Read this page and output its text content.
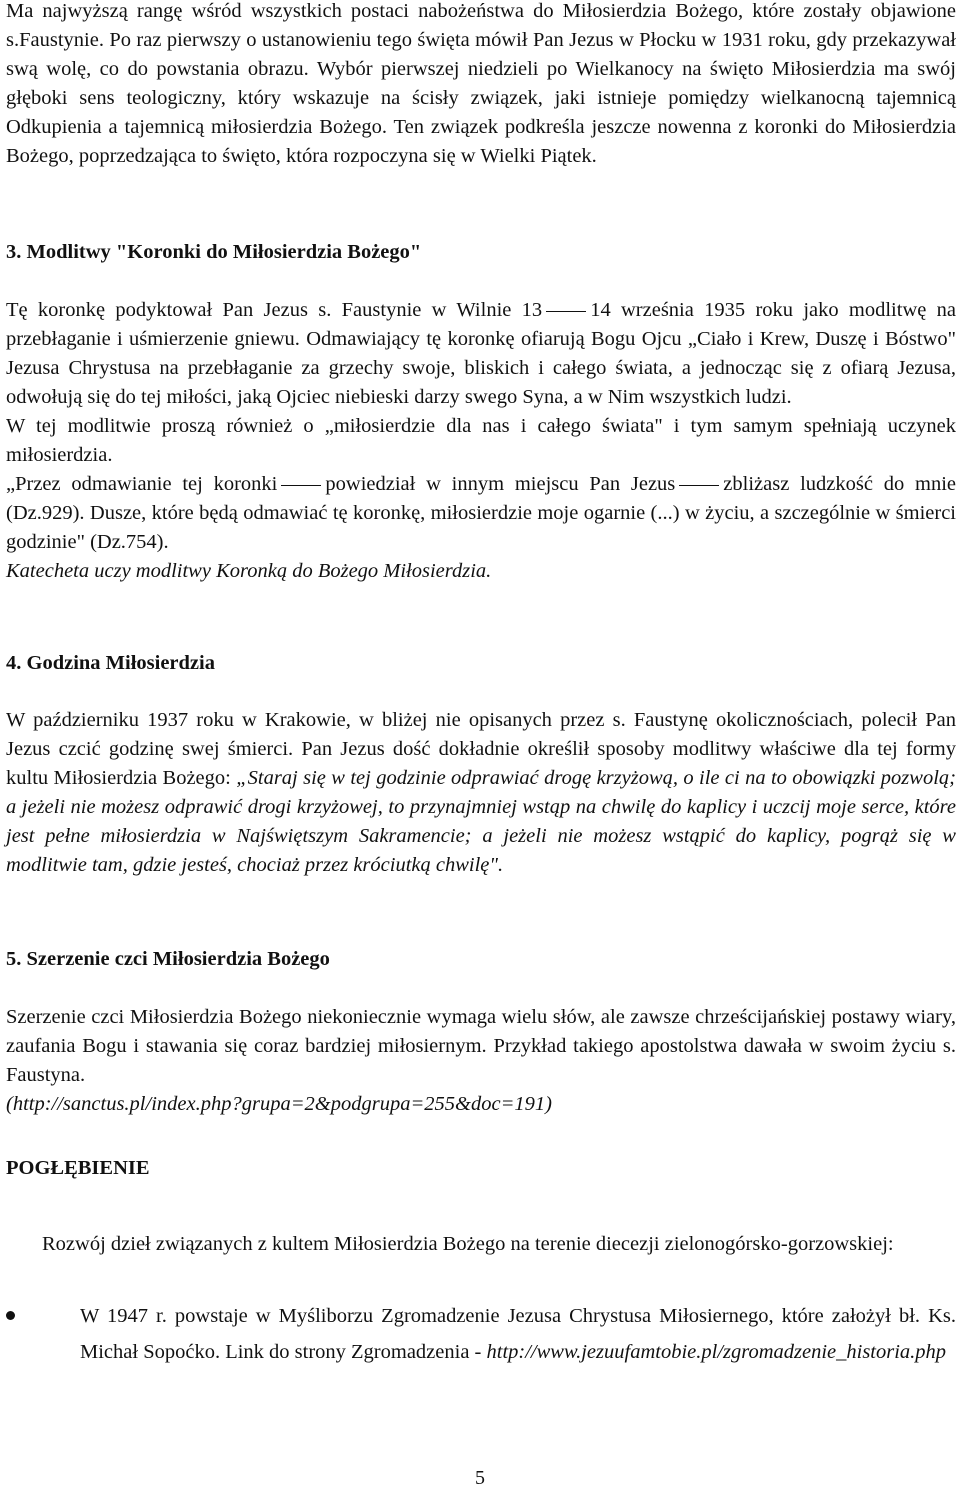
Ma najwyższą rangę wśród wszystkich postaci nabożeństwa do Miłosierdzia Bożego, które zostały objawione s.Faustynie. Po raz pierwszy o ustanowieniu tego święta mówił Pan Jezus w Płocku w 1931 roku, gdy przekazywał swą wolę, co do powstania obrazu. Wybór pierwszej niedzieli po Wielkanocy na święto Miłosierdzia ma swój głęboki sens teologiczny, który wskazuje na ścisły związek, jaki istnieje pomiędzy wielkanocną tajemnicą Odkupienia a tajemnicą miłosierdzia Bożego. Ten związek podkreśla jeszcze nowenna z koronki do Miłosierdzia Bożego, poprzedzająca to święto, która rozpoczyna się w Wielki Piątek.

3. Modlitwy "Koronki do Miłosierdzia Bożego"

Tę koronkę podyktował Pan Jezus s. Faustynie w Wilnie 13 14 września 1935 roku jako modlitwę na przebłaganie i uśmierzenie gniewu. Odmawiający tę koronkę ofiarują Bogu Ojcu „Ciało i Krew, Duszę i Bóstwo" Jezusa Chrystusa na przebłaganie za grzechy swoje, bliskich i całego świata, a jednocząc się z ofiarą Jezusa, odwołują się do tej miłości, jaką Ojciec niebieski darzy swego Syna, a w Nim wszystkich ludzi.

W tej modlitwie proszą również o „miłosierdzie dla nas i całego świata" i tym samym spełniają uczynek miłosierdzia.

„Przez odmawianie tej koronki powiedział w innym miejscu Pan Jezus zbliżasz ludzkość do mnie (Dz.929). Dusze, które będą odmawiać tę koronkę, miłosierdzie moje ogarnie (...) w życiu, a szczególnie w śmierci godzinie" (Dz.754).

Katecheta uczy modlitwy Koronką do Bożego Miłosierdzia.

4. Godzina Miłosierdzia

W październiku 1937 roku w Krakowie, w bliżej nie opisanych przez s. Faustynę okolicznościach, polecił Pan Jezus czcić godzinę swej śmierci. Pan Jezus dość dokładnie określił sposoby modlitwy właściwe dla tej formy kultu Miłosierdzia Bożego: „Staraj się w tej godzinie odprawiać drogę krzyżową, o ile ci na to obowiązki pozwolą; a jeżeli nie możesz odprawić drogi krzyżowej, to przynajmniej wstąp na chwilę do kaplicy i uczcij moje serce, które jest pełne miłosierdzia w Najświętszym Sakramencie; a jeżeli nie możesz wstąpić do kaplicy, pogrąż się w modlitwie tam, gdzie jesteś, chociaż przez króciutką chwilę".

5. Szerzenie czci Miłosierdzia Bożego

Szerzenie czci Miłosierdzia Bożego niekoniecznie wymaga wielu słów, ale zawsze chrześcijańskiej postawy wiary, zaufania Bogu i stawania się coraz bardziej miłosiernym. Przykład takiego apostolstwa dawała w swoim życiu s. Faustyna.

(http://sanctus.pl/index.php?grupa=2&podgrupa=255&doc=191)

POGŁĘBIENIE

Rozwój dzieł związanych z kultem Miłosierdzia Bożego na terenie diecezji zielonogórsko-gorzowskiej:

W 1947 r. powstaje w Myśliborzu Zgromadzenie Jezusa Chrystusa Miłosiernego, które założył bł. Ks. Michał Sopoćko. Link do strony Zgromadzenia - http://www.jezuufamtobie.pl/zgromadzenie_historia.php
5
